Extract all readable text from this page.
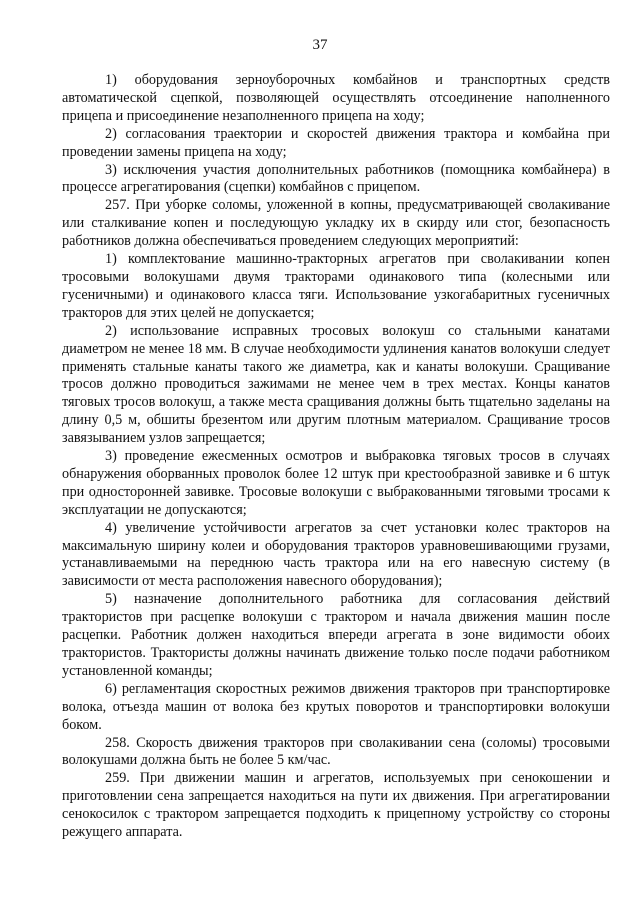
37

1) оборудования зерноуборочных комбайнов и транспортных средств автоматической сцепкой, позволяющей осуществлять отсоединение наполненного прицепа и присоединение незаполненного прицепа на ходу;

2) согласования траектории и скоростей движения трактора и комбайна при проведении замены прицепа на ходу;

3) исключения участия дополнительных работников (помощника комбайнера) в процессе агрегатирования (сцепки) комбайнов с прицепом.

257. При уборке соломы, уложенной в копны, предусматривающей сволакивание или сталкивание копен и последующую укладку их в скирду или стог, безопасность работников должна обеспечиваться проведением следующих мероприятий:

1) комплектование машинно-тракторных агрегатов при сволакивании копен тросовыми волокушами двумя тракторами одинакового типа (колесными или гусеничными) и одинакового класса тяги. Использование узкогабаритных гусеничных тракторов для этих целей не допускается;

2) использование исправных тросовых волокуш со стальными канатами диаметром не менее 18 мм. В случае необходимости удлинения канатов волокуши следует применять стальные канаты такого же диаметра, как и канаты волокуши. Сращивание тросов должно проводиться зажимами не менее чем в трех местах. Концы канатов тяговых тросов волокуш, а также места сращивания должны быть тщательно заделаны на длину 0,5 м, обшиты брезентом или другим плотным материалом. Сращивание тросов завязыванием узлов запрещается;

3) проведение ежесменных осмотров и выбраковка тяговых тросов в случаях обнаружения оборванных проволок более 12 штук при крестообразной завивке и 6 штук при односторонней завивке. Тросовые волокуши с выбракованными тяговыми тросами к эксплуатации не допускаются;

4) увеличение устойчивости агрегатов за счет установки колес тракторов на максимальную ширину колеи и оборудования тракторов уравновешивающими грузами, устанавливаемыми на переднюю часть трактора или на его навесную систему (в зависимости от места расположения навесного оборудования);

5) назначение дополнительного работника для согласования действий трактористов при расцепке волокуши с трактором и начала движения машин после расцепки. Работник должен находиться впереди агрегата в зоне видимости обоих трактористов. Трактористы должны начинать движение только после подачи работником установленной команды;

6) регламентация скоростных режимов движения тракторов при транспортировке волока, отъезда машин от волока без крутых поворотов и транспортировки волокуши боком.

258. Скорость движения тракторов при сволакивании сена (соломы) тросовыми волокушами должна быть не более 5 км/час.

259. При движении машин и агрегатов, используемых при сенокошении и приготовлении сена запрещается находиться на пути их движения. При агрегатировании сенокосилок с трактором запрещается подходить к прицепному устройству со стороны режущего аппарата.
